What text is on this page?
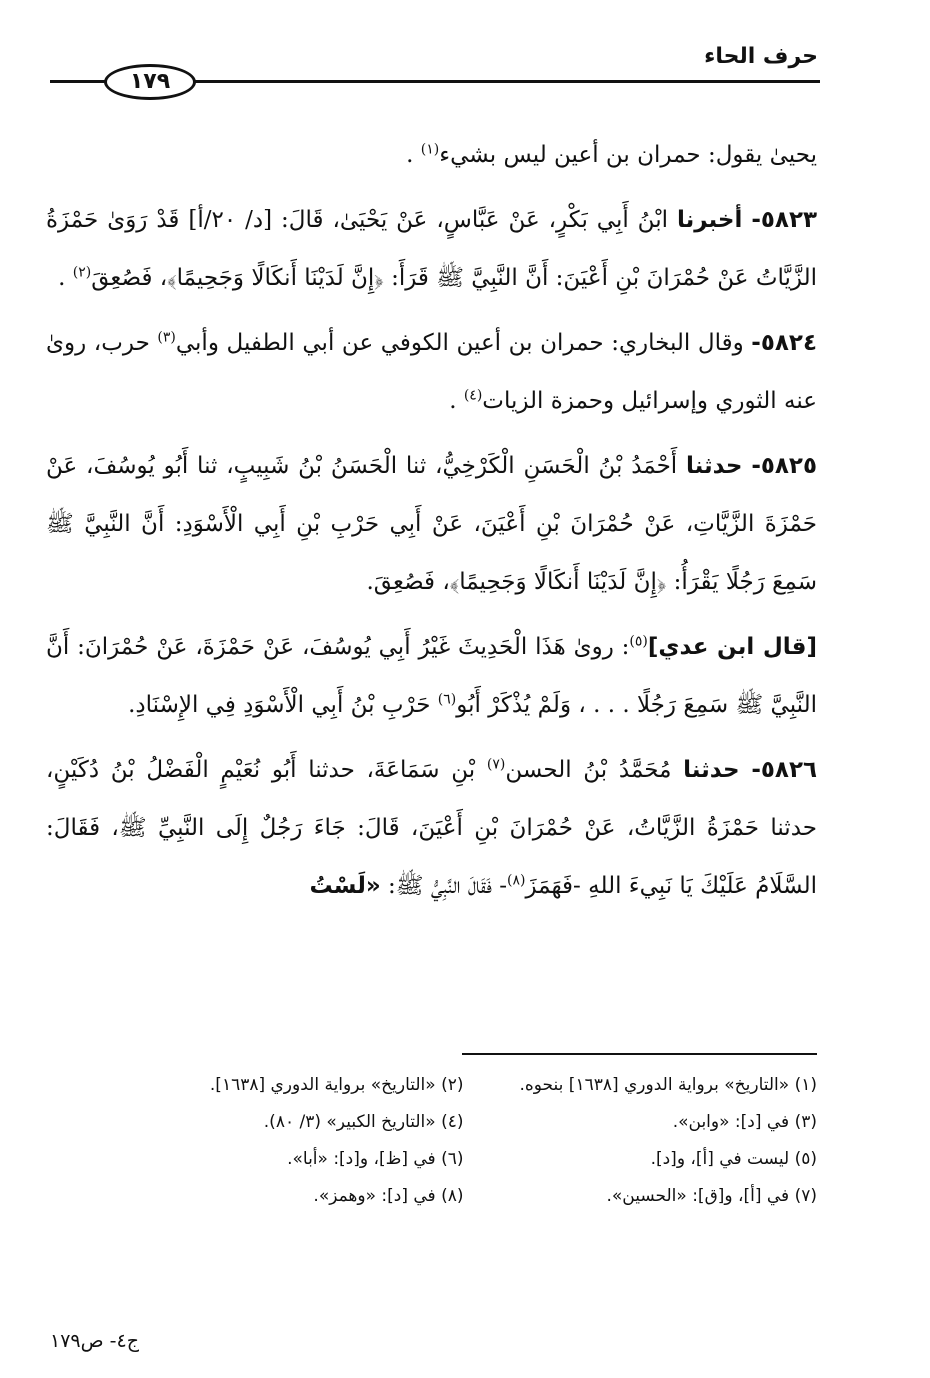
حرف الحاء
١٧٩

يحيىٰ يقول: حمران بن أعين ليس بشيء$^{(١)}$ .

٥٨٢٣- أخبرنا ابْنُ أَبِي بَكْرٍ، عَنْ عَبَّاسٍ، عَنْ يَحْيَىٰ، قَالَ: [د/ ٢٠/أ] قَدْ رَوَىٰ حَمْزَةُ الزَّيَّاتُ عَنْ حُمْرَانَ بْنِ أَعْيَنَ: أَنَّ النَّبِيَّ ﷺ قَرَأَ: ﴿إِنَّ لَدَيْنَا أَنكَالًا وَجَحِيمًا﴾، فَصُعِقَ$^{(٢)}$ .

٥٨٢٤- وقال البخاري: حمران بن أعين الكوفي عن أبي الطفيل وأبي$^{(٣)}$ حرب، روىٰ عنه الثوري وإسرائيل وحمزة الزيات$^{(٤)}$ .

٥٨٢٥- حدثنا أَحْمَدُ بْنُ الْحَسَنِ الْكَرْخِيُّ، ثنا الْحَسَنُ بْنُ شَبِيبٍ، ثنا أَبُو يُوسُفَ، عَنْ حَمْزَةَ الزَّيَّاتِ، عَنْ حُمْرَانَ بْنِ أَعْيَنَ، عَنْ أَبِي حَرْبِ بْنِ أَبِي الْأَسْوَدِ: أَنَّ النَّبِيَّ ﷺ سَمِعَ رَجُلًا يَقْرَأُ: ﴿إِنَّ لَدَيْنَا أَنكَالًا وَجَحِيمًا﴾، فَصُعِقَ.

[قال ابن عدي]$^{(٥)}$: روىٰ هَذَا الْحَدِيثَ غَيْرُ أَبِي يُوسُفَ، عَنْ حَمْزَةَ، عَنْ حُمْرَانَ: أَنَّ النَّبِيَّ ﷺ سَمِعَ رَجُلًا . . . ، وَلَمْ يُذْكَرْ أَبُو$^{(٦)}$ حَرْبِ بْنُ أَبِي الْأَسْوَدِ فِي الإِسْنَادِ.

٥٨٢٦- حدثنا مُحَمَّدُ بْنُ الحسن$^{(٧)}$ بْنِ سَمَاعَةَ، حدثنا أَبُو نُعَيْمٍ الْفَضْلُ بْنُ دُكَيْنٍ، حدثنا حَمْزَةُ الزَّيَّاتُ، عَنْ حُمْرَانَ بْنِ أَعْيَنَ، قَالَ: جَاءَ رَجُلٌ إِلَى النَّبِيِّ ﷺ، فَقَالَ: السَّلَامُ عَلَيْكَ يَا نَبِيءَ اللهِ -فَهَمَزَ$^{(٨)}$- فَقَالَ النَّبِيُّ ﷺ: «لَسْتُ

(١) «التاريخ» برواية الدوري [١٦٣٨] بنحوه.
(٢) «التاريخ» برواية الدوري [١٦٣٨].
(٣) في [د]: «وابن».
(٤) «التاريخ الكبير» (٣/ ٨٠).
(٥) ليست في [أ]، و[د].
(٦) في [ظ]، و[د]: «أبا».
(٧) في [أ]، و[ق]: «الحسين».
(٨) في [د]: «وهمز».
ج٤- ص١٧٩
